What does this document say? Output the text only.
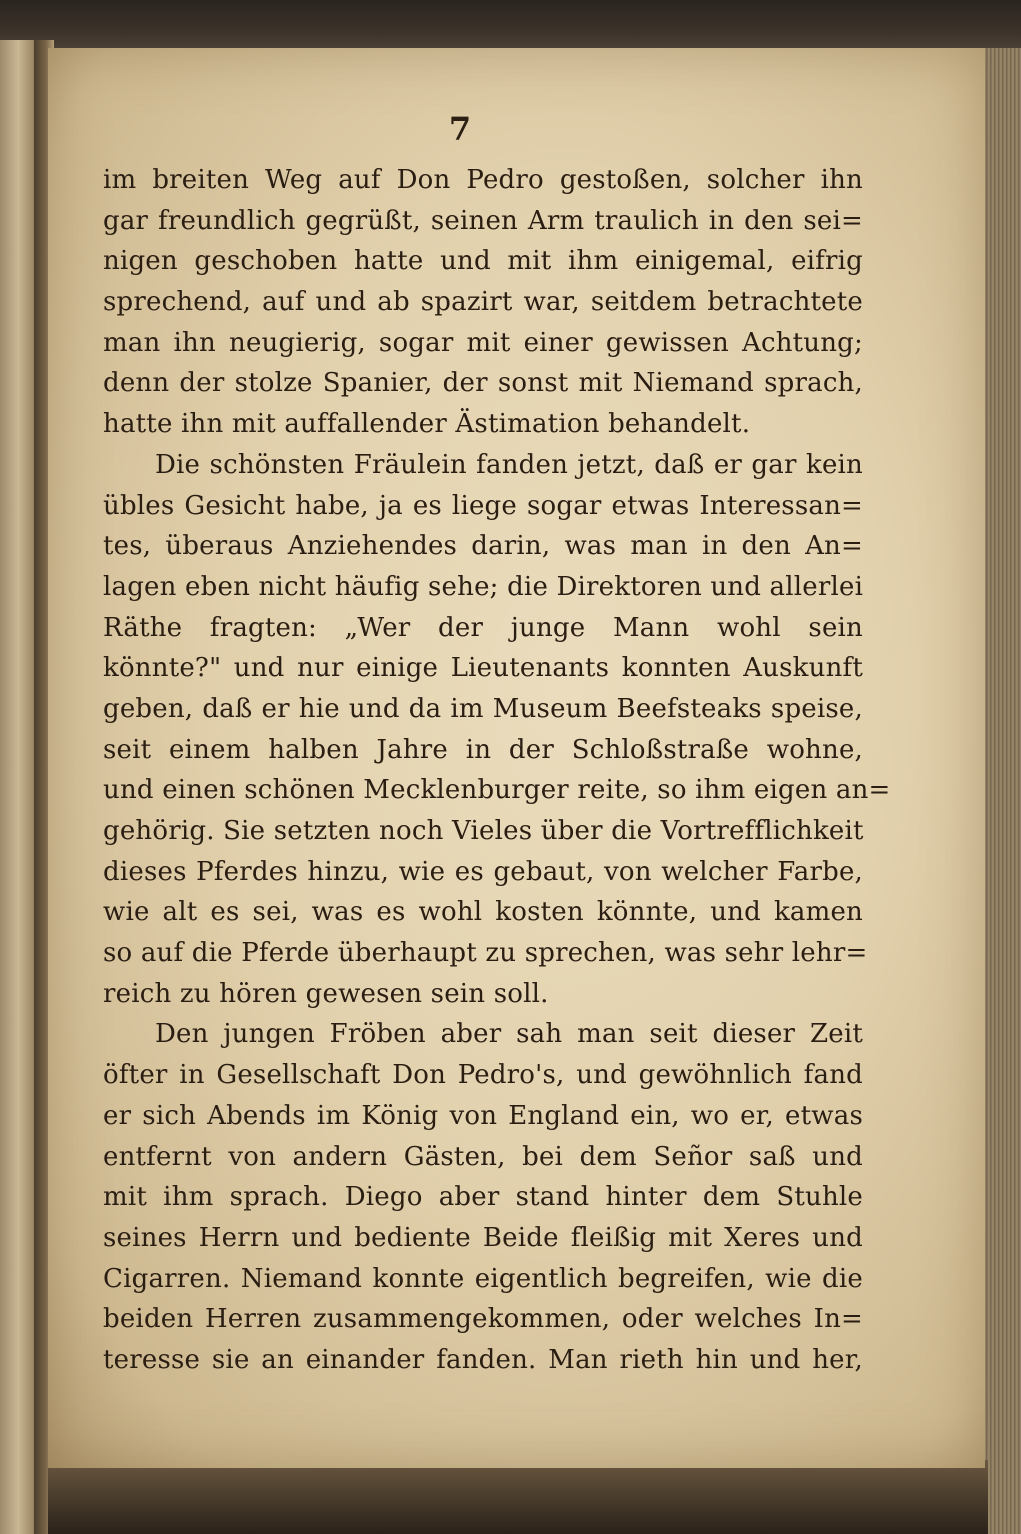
7
im breiten Weg auf Don Pedro gestoßen, solcher ihn
gar freundlich gegrüßt, seinen Arm traulich in den sei=
nigen geschoben hatte und mit ihm einigemal, eifrig
sprechend, auf und ab spazirt war, seitdem betrachtete
man ihn neugierig, sogar mit einer gewissen Achtung;
denn der stolze Spanier, der sonst mit Niemand sprach,
hatte ihn mit auffallender Ästimation behandelt.
Die schönsten Fräulein fanden jetzt, daß er gar kein
übles Gesicht habe, ja es liege sogar etwas Interessan=
tes, überaus Anziehendes darin, was man in den An=
lagen eben nicht häufig sehe; die Direktoren und allerlei
Räthe fragten: „Wer der junge Mann wohl sein
könnte?" und nur einige Lieutenants konnten Auskunft
geben, daß er hie und da im Museum Beefsteaks speise,
seit einem halben Jahre in der Schloßstraße wohne,
und einen schönen Mecklenburger reite, so ihm eigen an=
gehörig. Sie setzten noch Vieles über die Vortrefflichkeit
dieses Pferdes hinzu, wie es gebaut, von welcher Farbe,
wie alt es sei, was es wohl kosten könnte, und kamen
so auf die Pferde überhaupt zu sprechen, was sehr lehr=
reich zu hören gewesen sein soll.
Den jungen Fröben aber sah man seit dieser Zeit
öfter in Gesellschaft Don Pedro's, und gewöhnlich fand
er sich Abends im König von England ein, wo er, etwas
entfernt von andern Gästen, bei dem Señor saß und
mit ihm sprach. Diego aber stand hinter dem Stuhle
seines Herrn und bediente Beide fleißig mit Xeres und
Cigarren. Niemand konnte eigentlich begreifen, wie die
beiden Herren zusammengekommen, oder welches In=
teresse sie an einander fanden. Man rieth hin und her,
